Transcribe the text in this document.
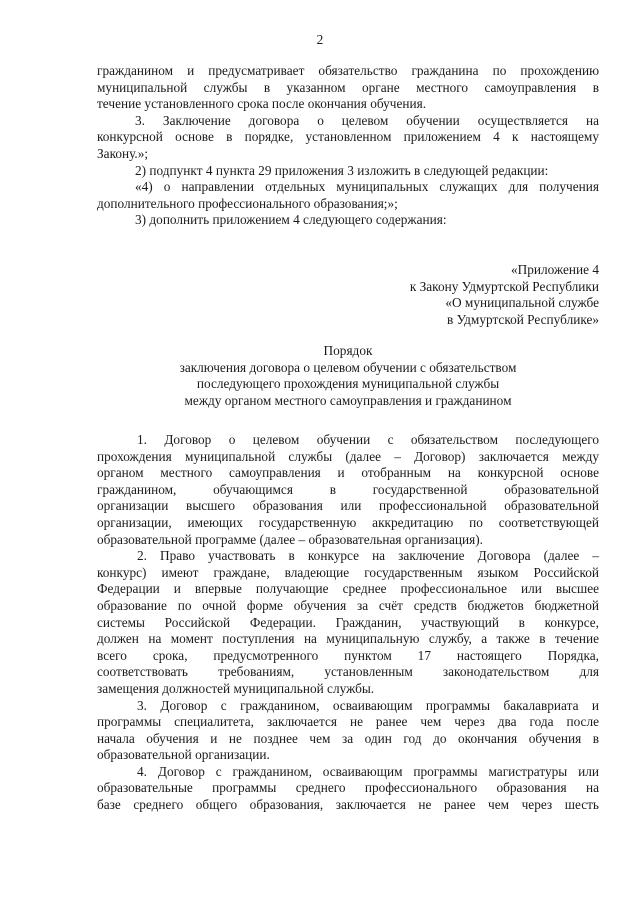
2
гражданином и предусматривает обязательство гражданина по прохождению
муниципальной службы в указанном органе местного самоуправления в
течение установленного срока после окончания обучения.
3. Заключение договора о целевом обучении осуществляется на
конкурсной основе в порядке, установленном приложением 4 к настоящему
Закону.»;
2) подпункт 4 пункта 29 приложения 3 изложить в следующей редакции:
«4) о направлении отдельных муниципальных служащих для получения
дополнительного профессионального образования;»;
3) дополнить приложением 4 следующего содержания:
«Приложение 4
к Закону Удмуртской Республики
«О муниципальной службе
в Удмуртской Республике»
Порядок
заключения договора о целевом обучении с обязательством
последующего прохождения муниципальной службы
между органом местного самоуправления и гражданином
1. Договор о целевом обучении с обязательством последующего
прохождения муниципальной службы (далее – Договор) заключается между
органом местного самоуправления и отобранным на конкурсной основе
гражданином, обучающимся в государственной образовательной
организации высшего образования или профессиональной образовательной
организации, имеющих государственную аккредитацию по соответствующей
образовательной программе (далее – образовательная организация).
2. Право участвовать в конкурсе на заключение Договора (далее –
конкурс) имеют граждане, владеющие государственным языком Российской
Федерации и впервые получающие среднее профессиональное или высшее
образование по очной форме обучения за счёт средств бюджетов бюджетной
системы Российской Федерации. Гражданин, участвующий в конкурсе,
должен на момент поступления на муниципальную службу, а также в течение
всего срока, предусмотренного пунктом 17 настоящего Порядка,
соответствовать требованиям, установленным законодательством для
замещения должностей муниципальной службы.
3. Договор с гражданином, осваивающим программы бакалавриата и
программы специалитета, заключается не ранее чем через два года после
начала обучения и не позднее чем за один год до окончания обучения в
образовательной организации.
4. Договор с гражданином, осваивающим программы магистратуры или
образовательные программы среднего профессионального образования на
базе среднего общего образования, заключается не ранее чем через шесть
